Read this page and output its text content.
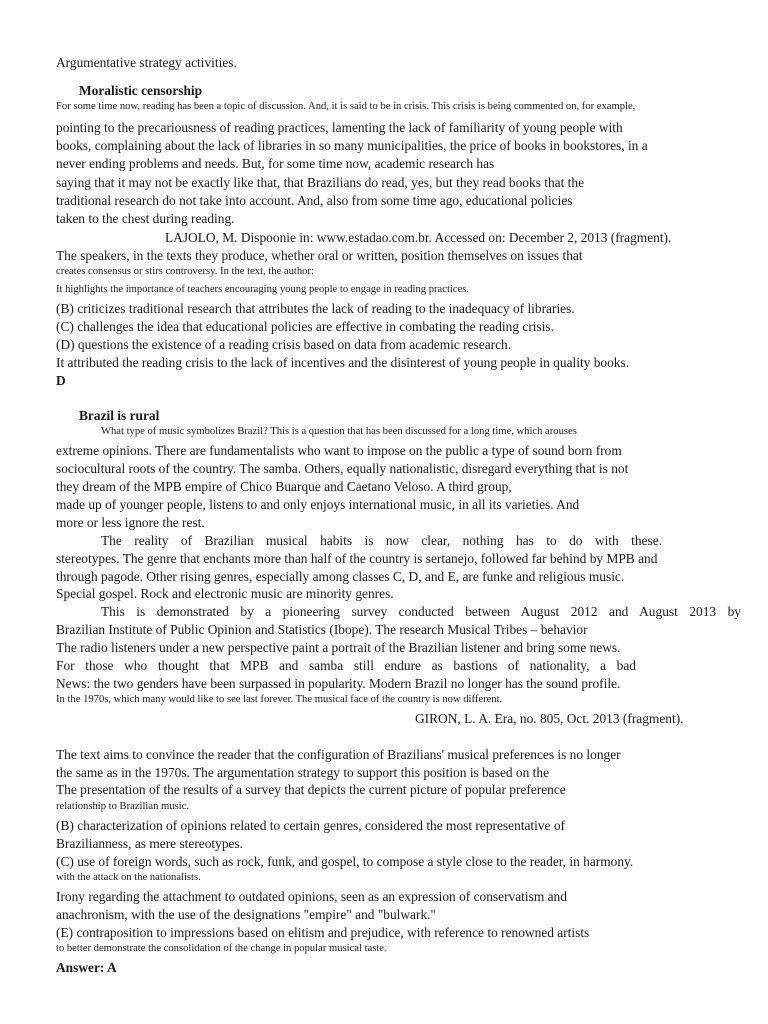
Argumentative strategy activities.
Moralistic censorship
For some time now, reading has been a topic of discussion. And, it is said to be in crisis. This crisis is being commented on, for example,
pointing to the precariousness of reading practices, lamenting the lack of familiarity of young people with
books, complaining about the lack of libraries in so many municipalities, the price of books in bookstores, in a
never ending problems and needs. But, for some time now, academic research has
saying that it may not be exactly like that, that Brazilians do read, yes, but they read books that the
traditional research do not take into account. And, also from some time ago, educational policies
taken to the chest during reading.
LAJOLO, M. Dispoonie in: www.estadao.com.br. Accessed on: December 2, 2013 (fragment).
The speakers, in the texts they produce, whether oral or written, position themselves on issues that
creates consensus or stirs controversy. In the text, the author:
It highlights the importance of teachers encouraging young people to engage in reading practices.
(B) criticizes traditional research that attributes the lack of reading to the inadequacy of libraries.
(C) challenges the idea that educational policies are effective in combating the reading crisis.
(D) questions the existence of a reading crisis based on data from academic research.
It attributed the reading crisis to the lack of incentives and the disinterest of young people in quality books.
D
Brazil is rural
What type of music symbolizes Brazil? This is a question that has been discussed for a long time, which arouses
extreme opinions. There are fundamentalists who want to impose on the public a type of sound born from
sociocultural roots of the country. The samba. Others, equally nationalistic, disregard everything that is not
they dream of the MPB empire of Chico Buarque and Caetano Veloso. A third group,
made up of younger people, listens to and only enjoys international music, in all its varieties. And
more or less ignore the rest.
The reality of Brazilian musical habits is now clear, nothing has to do with these.
stereotypes. The genre that enchants more than half of the country is sertanejo, followed far behind by MPB and
through pagode. Other rising genres, especially among classes C, D, and E, are funke and religious music.
Special gospel. Rock and electronic music are minority genres.
This is demonstrated by a pioneering survey conducted between August 2012 and August 2013 by
Brazilian Institute of Public Opinion and Statistics (Ibope). The research Musical Tribes – behavior
The radio listeners under a new perspective paint a portrait of the Brazilian listener and bring some news.
For those who thought that MPB and samba still endure as bastions of nationality, a bad
News: the two genders have been surpassed in popularity. Modern Brazil no longer has the sound profile.
In the 1970s, which many would like to see last forever. The musical face of the country is now different.
GIRON, L. A. Era, no. 805, Oct. 2013 (fragment).
The text aims to convince the reader that the configuration of Brazilians' musical preferences is no longer
the same as in the 1970s. The argumentation strategy to support this position is based on the
The presentation of the results of a survey that depicts the current picture of popular preference
relationship to Brazilian music.
(B) characterization of opinions related to certain genres, considered the most representative of
Brazilianness, as mere stereotypes.
(C) use of foreign words, such as rock, funk, and gospel, to compose a style close to the reader, in harmony.
with the attack on the nationalists.
Irony regarding the attachment to outdated opinions, seen as an expression of conservatism and
anachronism, with the use of the designations "empire" and "bulwark."
(E) contraposition to impressions based on elitism and prejudice, with reference to renowned artists
to better demonstrate the consolidation of the change in popular musical taste.
Answer: A
